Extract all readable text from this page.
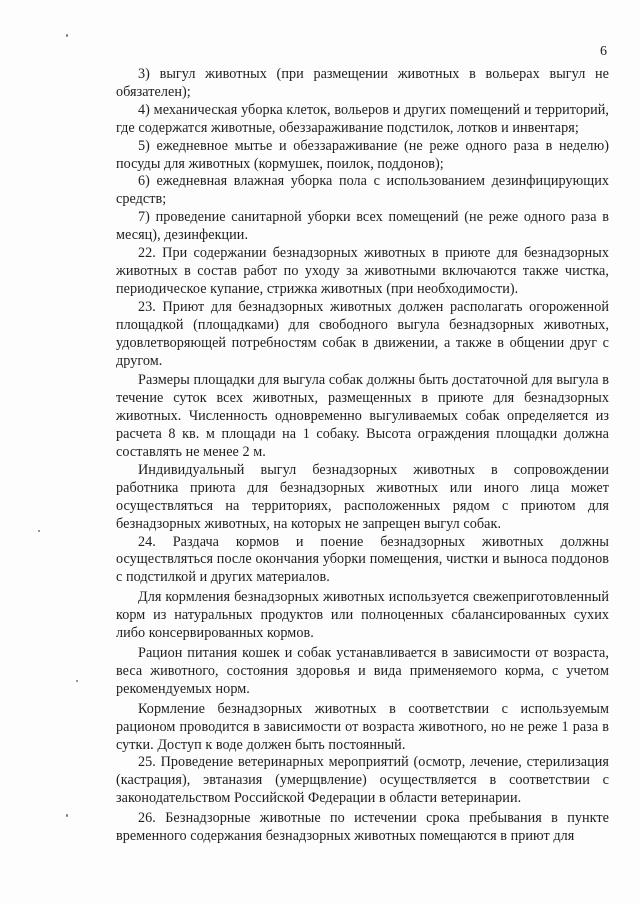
6

3) выгул животных (при размещении животных в вольерах выгул не обязателен);

4) механическая уборка клеток, вольеров и других помещений и территорий, где содержатся животные, обеззараживание подстилок, лотков и инвентаря;

5) ежедневное мытье и обеззараживание (не реже одного раза в неделю) посуды для животных (кормушек, поилок, поддонов);

6) ежедневная влажная уборка пола с использованием дезинфицирующих средств;

7) проведение санитарной уборки всех помещений (не реже одного раза в месяц), дезинфекции.

22. При содержании безнадзорных животных в приюте для безнадзорных животных в состав работ по уходу за животными включаются также чистка, периодическое купание, стрижка животных (при необходимости).

23. Приют для безнадзорных животных должен располагать огороженной площадкой (площадками) для свободного выгула безнадзорных животных, удовлетворяющей потребностям собак в движении, а также в общении друг с другом.

Размеры площадки для выгула собак должны быть достаточной для выгула в течение суток всех животных, размещенных в приюте для безнадзорных животных. Численность одновременно выгуливаемых собак определяется из расчета 8 кв. м площади на 1 собаку. Высота ограждения площадки должна составлять не менее 2 м.

Индивидуальный выгул безнадзорных животных в сопровождении работника приюта для безнадзорных животных или иного лица может осуществляться на территориях, расположенных рядом с приютом для безнадзорных животных, на которых не запрещен выгул собак.

24. Раздача кормов и поение безнадзорных животных должны осуществляться после окончания уборки помещения, чистки и выноса поддонов с подстилкой и других материалов.

Для кормления безнадзорных животных используется свежеприготовленный корм из натуральных продуктов или полноценных сбалансированных сухих либо консервированных кормов.

Рацион питания кошек и собак устанавливается в зависимости от возраста, веса животного, состояния здоровья и вида применяемого корма, с учетом рекомендуемых норм.

Кормление безнадзорных животных в соответствии с используемым рационом проводится в зависимости от возраста животного, но не реже 1 раза в сутки. Доступ к воде должен быть постоянный.

25. Проведение ветеринарных мероприятий (осмотр, лечение, стерилизация (кастрация), эвтаназия (умерщвление) осуществляется в соответствии с законодательством Российской Федерации в области ветеринарии.

26. Безнадзорные животные по истечении срока пребывания в пункте временного содержания безнадзорных животных помещаются в приют для
